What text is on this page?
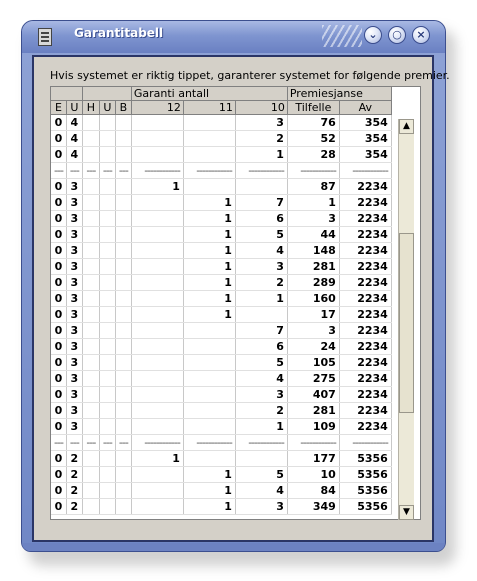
Garantitabell	⌄	○	×
Hvis systemet er riktig tippet, garanterer systemet for følgende premier.
					Garanti antall			Premiesjanse	
E	U	H	U	B	12	11	10	Tilfelle	Av
0	4						3	76	354
0	4						2	52	354
0	4						1	28	354
---	---	---	---	---	------------	------------	------------	------------	------------
0	3				1			87	2234
0	3					1	7	1	2234
0	3					1	6	3	2234
0	3					1	5	44	2234
0	3					1	4	148	2234
0	3					1	3	281	2234
0	3					1	2	289	2234
0	3					1	1	160	2234
0	3					1		17	2234
0	3						7	3	2234
0	3						6	24	2234
0	3						5	105	2234
0	3						4	275	2234
0	3						3	407	2234
0	3						2	281	2234
0	3						1	109	2234
---	---	---	---	---	------------	------------	------------	------------	------------
0	2				1			177	5356
0	2					1	5	10	5356
0	2					1	4	84	5356
0	2					1	3	349	5356
▲
▼
